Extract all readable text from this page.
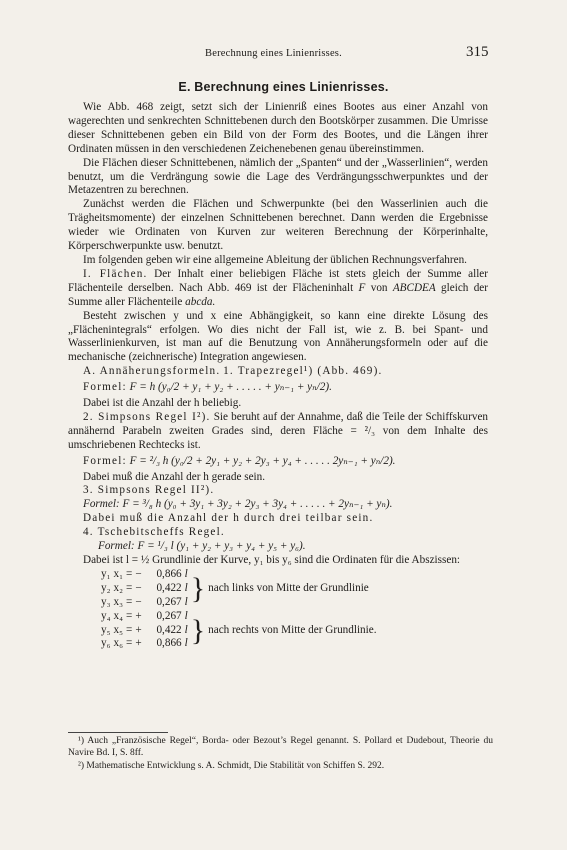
Berechnung eines Linienrisses.	315
E. Berechnung eines Linienrisses.

Wie Abb. 468 zeigt, setzt sich der Linienriß eines Bootes aus einer Anzahl von wagerechten und senkrechten Schnittebenen durch den Bootskörper zusammen. Die Umrisse dieser Schnittebenen geben ein Bild von der Form des Bootes, und die Längen ihrer Ordinaten müssen in den verschiedenen Zeichenebenen genau übereinstimmen.

Die Flächen dieser Schnittebenen, nämlich der „Spanten“ und der „Wasserlinien“, werden benutzt, um die Verdrängung sowie die Lage des Verdrängungsschwerpunktes und der Metazentren zu berechnen.

Zunächst werden die Flächen und Schwerpunkte (bei den Wasserlinien auch die Trägheitsmomente) der einzelnen Schnittebenen berechnet. Dann werden die Ergebnisse wieder wie Ordinaten von Kurven zur weiteren Berechnung der Körperinhalte, Körperschwerpunkte usw. benutzt.

Im folgenden geben wir eine allgemeine Ableitung der üblichen Rechnungsverfahren.

I. Flächen. Der Inhalt einer beliebigen Fläche ist stets gleich der Summe aller Flächenteile derselben. Nach Abb. 469 ist der Flächeninhalt F von ABCDEA gleich der Summe aller Flächenteile abcda.

Besteht zwischen y und x eine Abhängigkeit, so kann eine direkte Lösung des „Flächenintegrals“ erfolgen. Wo dies nicht der Fall ist, wie z. B. bei Spant- und Wasserlinienkurven, ist man auf die Benutzung von Annäherungsformeln oder auf die mechanische (zeichnerische) Integration angewiesen.

A. Annäherungsformeln. 1. Trapezregel¹) (Abb. 469).

Formel: F = h (y₀/2 + y₁ + y₂ + . . . . . + yₙ₋₁ + yₙ/2).

Dabei ist die Anzahl der h beliebig.

2. Simpsons Regel I²). Sie beruht auf der Annahme, daß die Teile der Schiffskurven annähernd Parabeln zweiten Grades sind, deren Fläche = ²/₃ von dem Inhalte des umschriebenen Rechtecks ist.

Formel: F = ²/₃ h (y₀/2 + 2y₁ + y₂ + 2y₃ + y₄ + . . . . . 2yₙ₋₁ + yₙ/2).

Dabei muß die Anzahl der h gerade sein.

3. Simpsons Regel II²).

Formel: F = ³/₈ h (y₀ + 3y₁ + 3y₂ + 2y₃ + 3y₄ + . . . . . + 2yₙ₋₁ + yₙ).

Dabei muß die Anzahl der h durch drei teilbar sein.

4. Tschebitscheffs Regel.

Formel: F = ¹/₃ l (y₁ + y₂ + y₃ + y₄ + y₅ + y₆).

Dabei ist l = ½ Grundlinie der Kurve, y₁ bis y₆ sind die Ordinaten für die Abszissen:

y₁	x₁	=	−	0,866	l	}	nach links von Mitte der Grundlinie
y₂	x₂	=	−	0,422	l		
y₃	x₃	=	−	0,267	l		
y₄	x₄	=	+	0,267	l	}	nach rechts von Mitte der Grundlinie.
y₅	x₅	=	+	0,422	l		
y₆	x₆	=	+	0,866	l		

¹) Auch „Französische Regel“, Borda- oder Bezout’s Regel genannt. S. Pollard et Dudebout, Theorie du Navire Bd. I, S. 8ff.

²) Mathematische Entwicklung s. A. Schmidt, Die Stabilität von Schiffen S. 292.
